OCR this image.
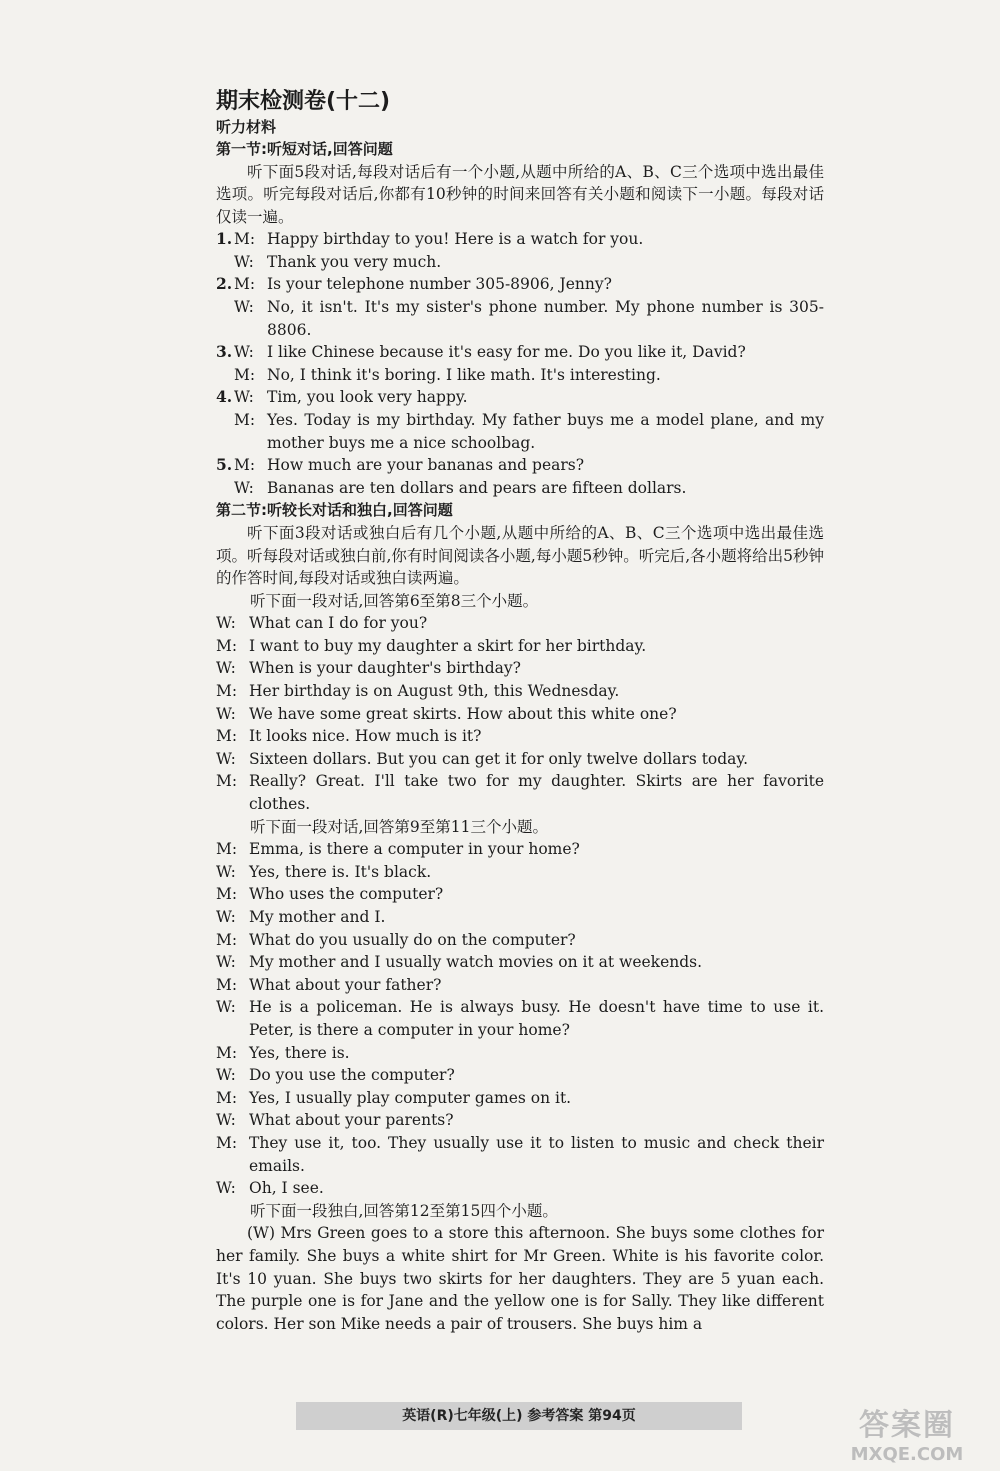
期末检测卷(十二)
听力材料
第一节:听短对话,回答问题

听下面5段对话,每段对话后有一个小题,从题中所给的A、B、C三个选项中选出最佳选项。听完每段对话后,你都有10秒钟的时间来回答有关小题和阅读下一小题。每段对话仅读一遍。

1. M: Happy birthday to you! Here is a watch for you.
W: Thank you very much.
2. M: Is your telephone number 305-8906, Jenny?
W: No, it isn't. It's my sister's phone number. My phone number is 305-8806.
3. W: I like Chinese because it's easy for me. Do you like it, David?
M: No, I think it's boring. I like math. It's interesting.
4. W: Tim, you look very happy.
M: Yes. Today is my birthday. My father buys me a model plane, and my mother buys me a nice schoolbag.
5. M: How much are your bananas and pears?
W: Bananas are ten dollars and pears are fifteen dollars.
第二节:听较长对话和独白,回答问题

听下面3段对话或独白后有几个小题,从题中所给的A、B、C三个选项中选出最佳选项。听每段对话或独白前,你有时间阅读各小题,每小题5秒钟。听完后,各小题将给出5秒钟的作答时间,每段对话或独白读两遍。

听下面一段对话,回答第6至第8三个小题。

W: What can I do for you?
M: I want to buy my daughter a skirt for her birthday.
W: When is your daughter's birthday?
M: Her birthday is on August 9th, this Wednesday.
W: We have some great skirts. How about this white one?
M: It looks nice. How much is it?
W: Sixteen dollars. But you can get it for only twelve dollars today.
M: Really? Great. I'll take two for my daughter. Skirts are her favorite clothes.

听下面一段对话,回答第9至第11三个小题。

M: Emma, is there a computer in your home?
W: Yes, there is. It's black.
M: Who uses the computer?
W: My mother and I.
M: What do you usually do on the computer?
W: My mother and I usually watch movies on it at weekends.
M: What about your father?
W: He is a policeman. He is always busy. He doesn't have time to use it. Peter, is there a computer in your home?
M: Yes, there is.
W: Do you use the computer?
M: Yes, I usually play computer games on it.
W: What about your parents?
M: They use it, too. They usually use it to listen to music and check their emails.
W: Oh, I see.

听下面一段独白,回答第12至第15四个小题。

(W) Mrs Green goes to a store this afternoon. She buys some clothes for her family. She buys a white shirt for Mr Green. White is his favorite color. It's 10 yuan. She buys two skirts for her daughters. They are 5 yuan each. The purple one is for Jane and the yellow one is for Sally. They like different colors. Her son Mike needs a pair of trousers. She buys him a

英语(R)七年级(上) 参考答案 第94页	答案圈
MXQE.COM
